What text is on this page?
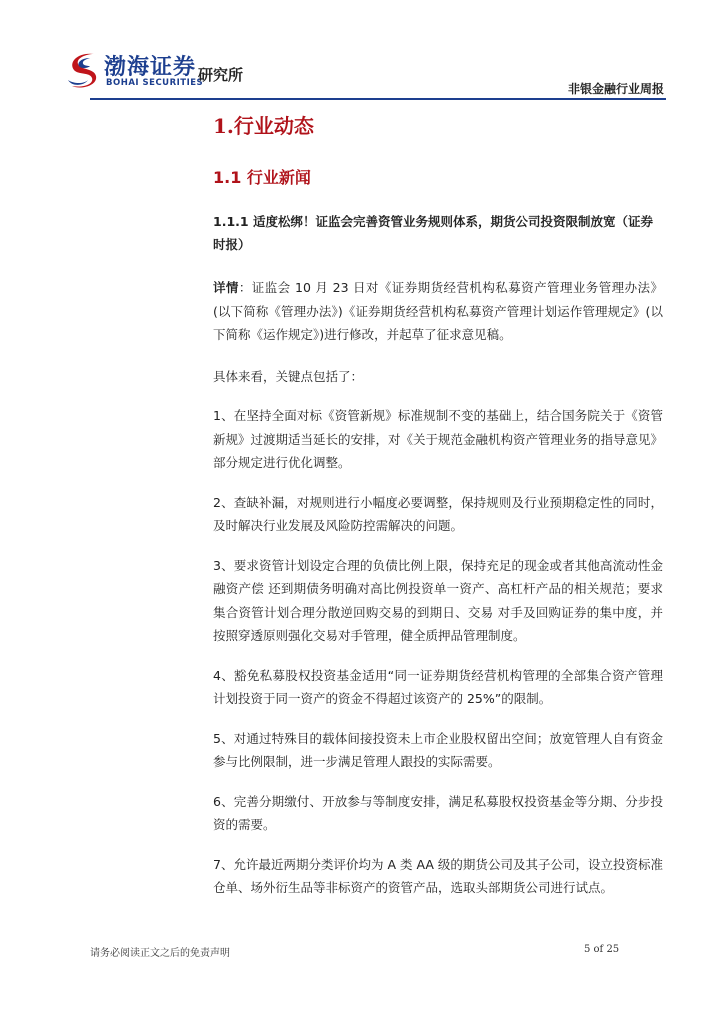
渤海证券
BOHAI SECURITIES
研究所
非银金融行业周报
1.行业动态
1.1 行业新闻
1.1.1 适度松绑！证监会完善资管业务规则体系，期货公司投资限制放宽（证券时报）

详情：证监会 10 月 23 日对《证券期货经营机构私募资产管理业务管理办法》(以下简称《管理办法》)《证券期货经营机构私募资产管理计划运作管理规定》(以下简称《运作规定》)进行修改，并起草了征求意见稿。

具体来看，关键点包括了：

1、在坚持全面对标《资管新规》标准规制不变的基础上，结合国务院关于《资管新规》过渡期适当延长的安排，对《关于规范金融机构资产管理业务的指导意见》部分规定进行优化调整。

2、查缺补漏，对规则进行小幅度必要调整，保持规则及行业预期稳定性的同时，及时解决行业发展及风险防控需解决的问题。

3、要求资管计划设定合理的负债比例上限，保持充足的现金或者其他高流动性金融资产偿 还到期债务明确对高比例投资单一资产、高杠杆产品的相关规范；要求集合资管计划合理分散逆回购交易的到期日、交易 对手及回购证券的集中度，并按照穿透原则强化交易对手管理，健全质押品管理制度。

4、豁免私募股权投资基金适用“同一证券期货经营机构管理的全部集合资产管理计划投资于同一资产的资金不得超过该资产的 25%”的限制。

5、对通过特殊目的载体间接投资未上市企业股权留出空间；放宽管理人自有资金参与比例限制，进一步满足管理人跟投的实际需要。

6、完善分期缴付、开放参与等制度安排，满足私募股权投资基金等分期、分步投资的需要。

7、允许最近两期分类评价均为 A 类 AA 级的期货公司及其子公司，设立投资标准仓单、场外衍生品等非标资产的资管产品，选取头部期货公司进行试点。

请务必阅读正文之后的免责声明	5 of 25
